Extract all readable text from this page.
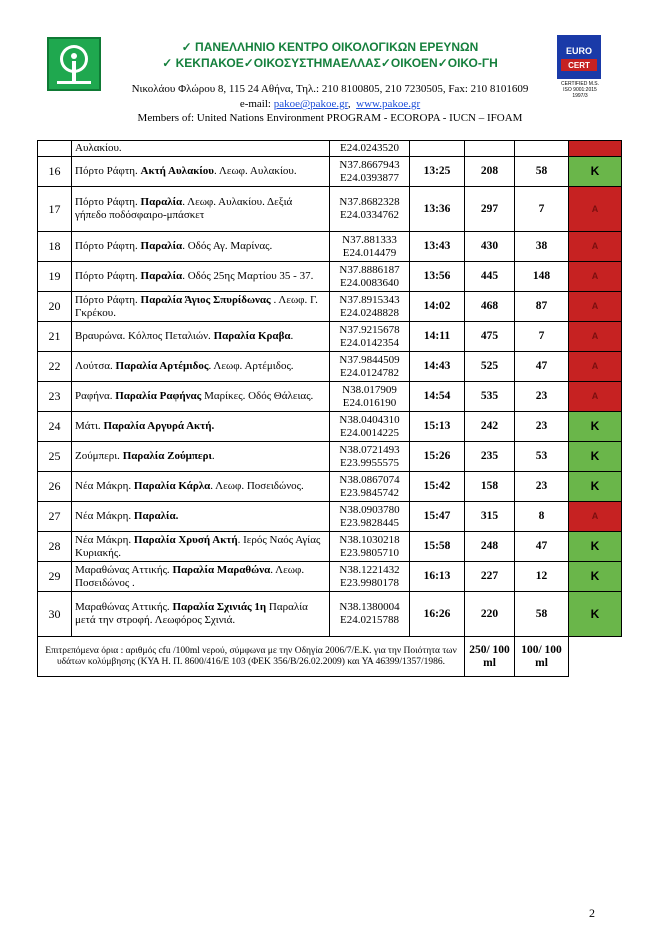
✓ ΠΑΝΕΛΛΗΝΙΟ ΚΕΝΤΡΟ ΟΙΚΟΛΟΓΙΚΩΝ ΕΡΕΥΝΩΝ
✓ ΚΕΚΠΑΚΟΕ✓ΟΙΚΟΣΥΣΤΗΜΑΕΛΛΑΣ✓ΟΙΚΟΕΝ✓ΟΙΚΟ-ΓΗ
EURO
CERT
CERTIFIED M.S. ISO 9001:2015 1997/3
Νικολάου Φλώρου 8, 115 24 Αθήνα, Τηλ.: 210 8100805, 210 7230505, Fax: 210 8101609
e-mail: pakoe@pakoe.gr,  www.pakoe.gr
Members of: United Nations Environment PROGRAM - ECOROPA - IUCN – IFOAM
	Αυλακίου.	E24.0243520				
16	Πόρτο Ράφτη. Ακτή Αυλακίου. Λεωφ. Αυλακίου.	N37.8667943
E24.0393877	13:25	208	58	K
17	Πόρτο Ράφτη. Παραλία. Λεωφ. Αυλακίου. Δεξιά γήπεδο ποδόσφαιρο-μπάσκετ	N37.8682328
E24.0334762	13:36	297	7	A
18	Πόρτο Ράφτη. Παραλία. Οδός Αγ. Μαρίνας.	N37.881333
E24.014479	13:43	430	38	A
19	Πόρτο Ράφτη. Παραλία. Οδός 25ης Μαρτίου 35 - 37.	N37.8886187
E24.0083640	13:56	445	148	A
20	Πόρτο Ράφτη. Παραλία Άγιος Σπυρίδωνας . Λεωφ. Γ. Γκρέκου.	N37.8915343
E24.0248828	14:02	468	87	A
21	Βραυρώνα. Κόλπος Πεταλιών. Παραλία Κραβα.	N37.9215678
E24.0142354	14:11	475	7	A
22	Λούτσα. Παραλία Αρτέμιδος. Λεωφ. Αρτέμιδος.	N37.9844509
E24.0124782	14:43	525	47	A
23	Ραφήνα. Παραλία Ραφήνας Μαρίκες. Οδός Θάλειας.	N38.017909
E24.016190	14:54	535	23	A
24	Μάτι. Παραλία Αργυρά Ακτή.	N38.0404310
E24.0014225	15:13	242	23	K
25	Ζούμπερι. Παραλία Ζούμπερι.	N38.0721493
E23.9955575	15:26	235	53	K
26	Νέα Μάκρη. Παραλία Κάρλα. Λεωφ. Ποσειδώνος.	N38.0867074
E23.9845742	15:42	158	23	K
27	Νέα Μάκρη. Παραλία.	N38.0903780
E23.9828445	15:47	315	8	A
28	Νέα Μάκρη. Παραλία Χρυσή Ακτή. Ιερός Ναός Αγίας Κυριακής.	N38.1030218
E23.9805710	15:58	248	47	K
29	Μαραθώνας Αττικής. Παραλία Μαραθώνα. Λεωφ. Ποσειδώνος .	N38.1221432
E23.9980178	16:13	227	12	K
30	Μαραθώνας Αττικής. Παραλία Σχινιάς 1η Παραλία μετά την στροφή. Λεωφόρος Σχινιά.	N38.1380004
E24.0215788	16:26	220	58	K
Επιτρεπόμενα όρια : αριθμός cfu /100ml νερού, σύμφωνα με την Οδηγία 2006/7/Ε.Κ. για την Ποιότητα των υδάτων κολύμβησης (ΚΥΑ Η. Π. 8600/416/Ε 103 (ΦΕΚ 356/Β/26.02.2009) και ΥΑ 46399/1357/1986.				250/ 100 ml	100/ 100 ml	
2
